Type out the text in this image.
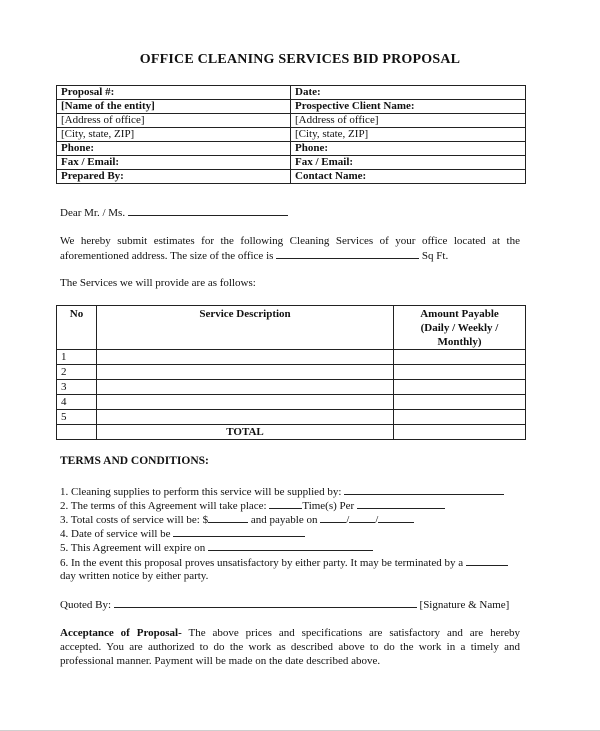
OFFICE CLEANING SERVICES BID PROPOSAL
Proposal #:	Date:
[Name of the entity]	Prospective Client Name:
[Address of office]	[Address of office]
[City, state, ZIP]	[City, state, ZIP]
Phone:	Phone:
Fax / Email:	Fax / Email:
Prepared By:	Contact Name:
Dear Mr. / Ms.
We hereby submit estimates for the following Cleaning Services of your office located at the
aforementioned address. The size of the office is	Sq Ft.
The Services we will provide are as follows:
No	Service Description	Amount Payable
(Daily / Weekly /
Monthly)

1		
2		
3		
4		
5		
	TOTAL	
TERMS AND CONDITIONS:
1. Cleaning supplies to perform this service will be supplied by:
2. The terms of this Agreement will take place:	Time(s) Per
3. Total costs of service will be: $	and payable on	/ /
4. Date of service will be
5. This Agreement will expire on
6. In the event this proposal proves unsatisfactory by either party. It may be terminated by a
day written notice by either party.
Quoted By:	[Signature & Name]
Acceptance of Proposal- The above prices and specifications are satisfactory and are hereby
accepted. You are authorized to do the work as described above to do the work in a timely and
professional manner. Payment will be made on the date described above.
